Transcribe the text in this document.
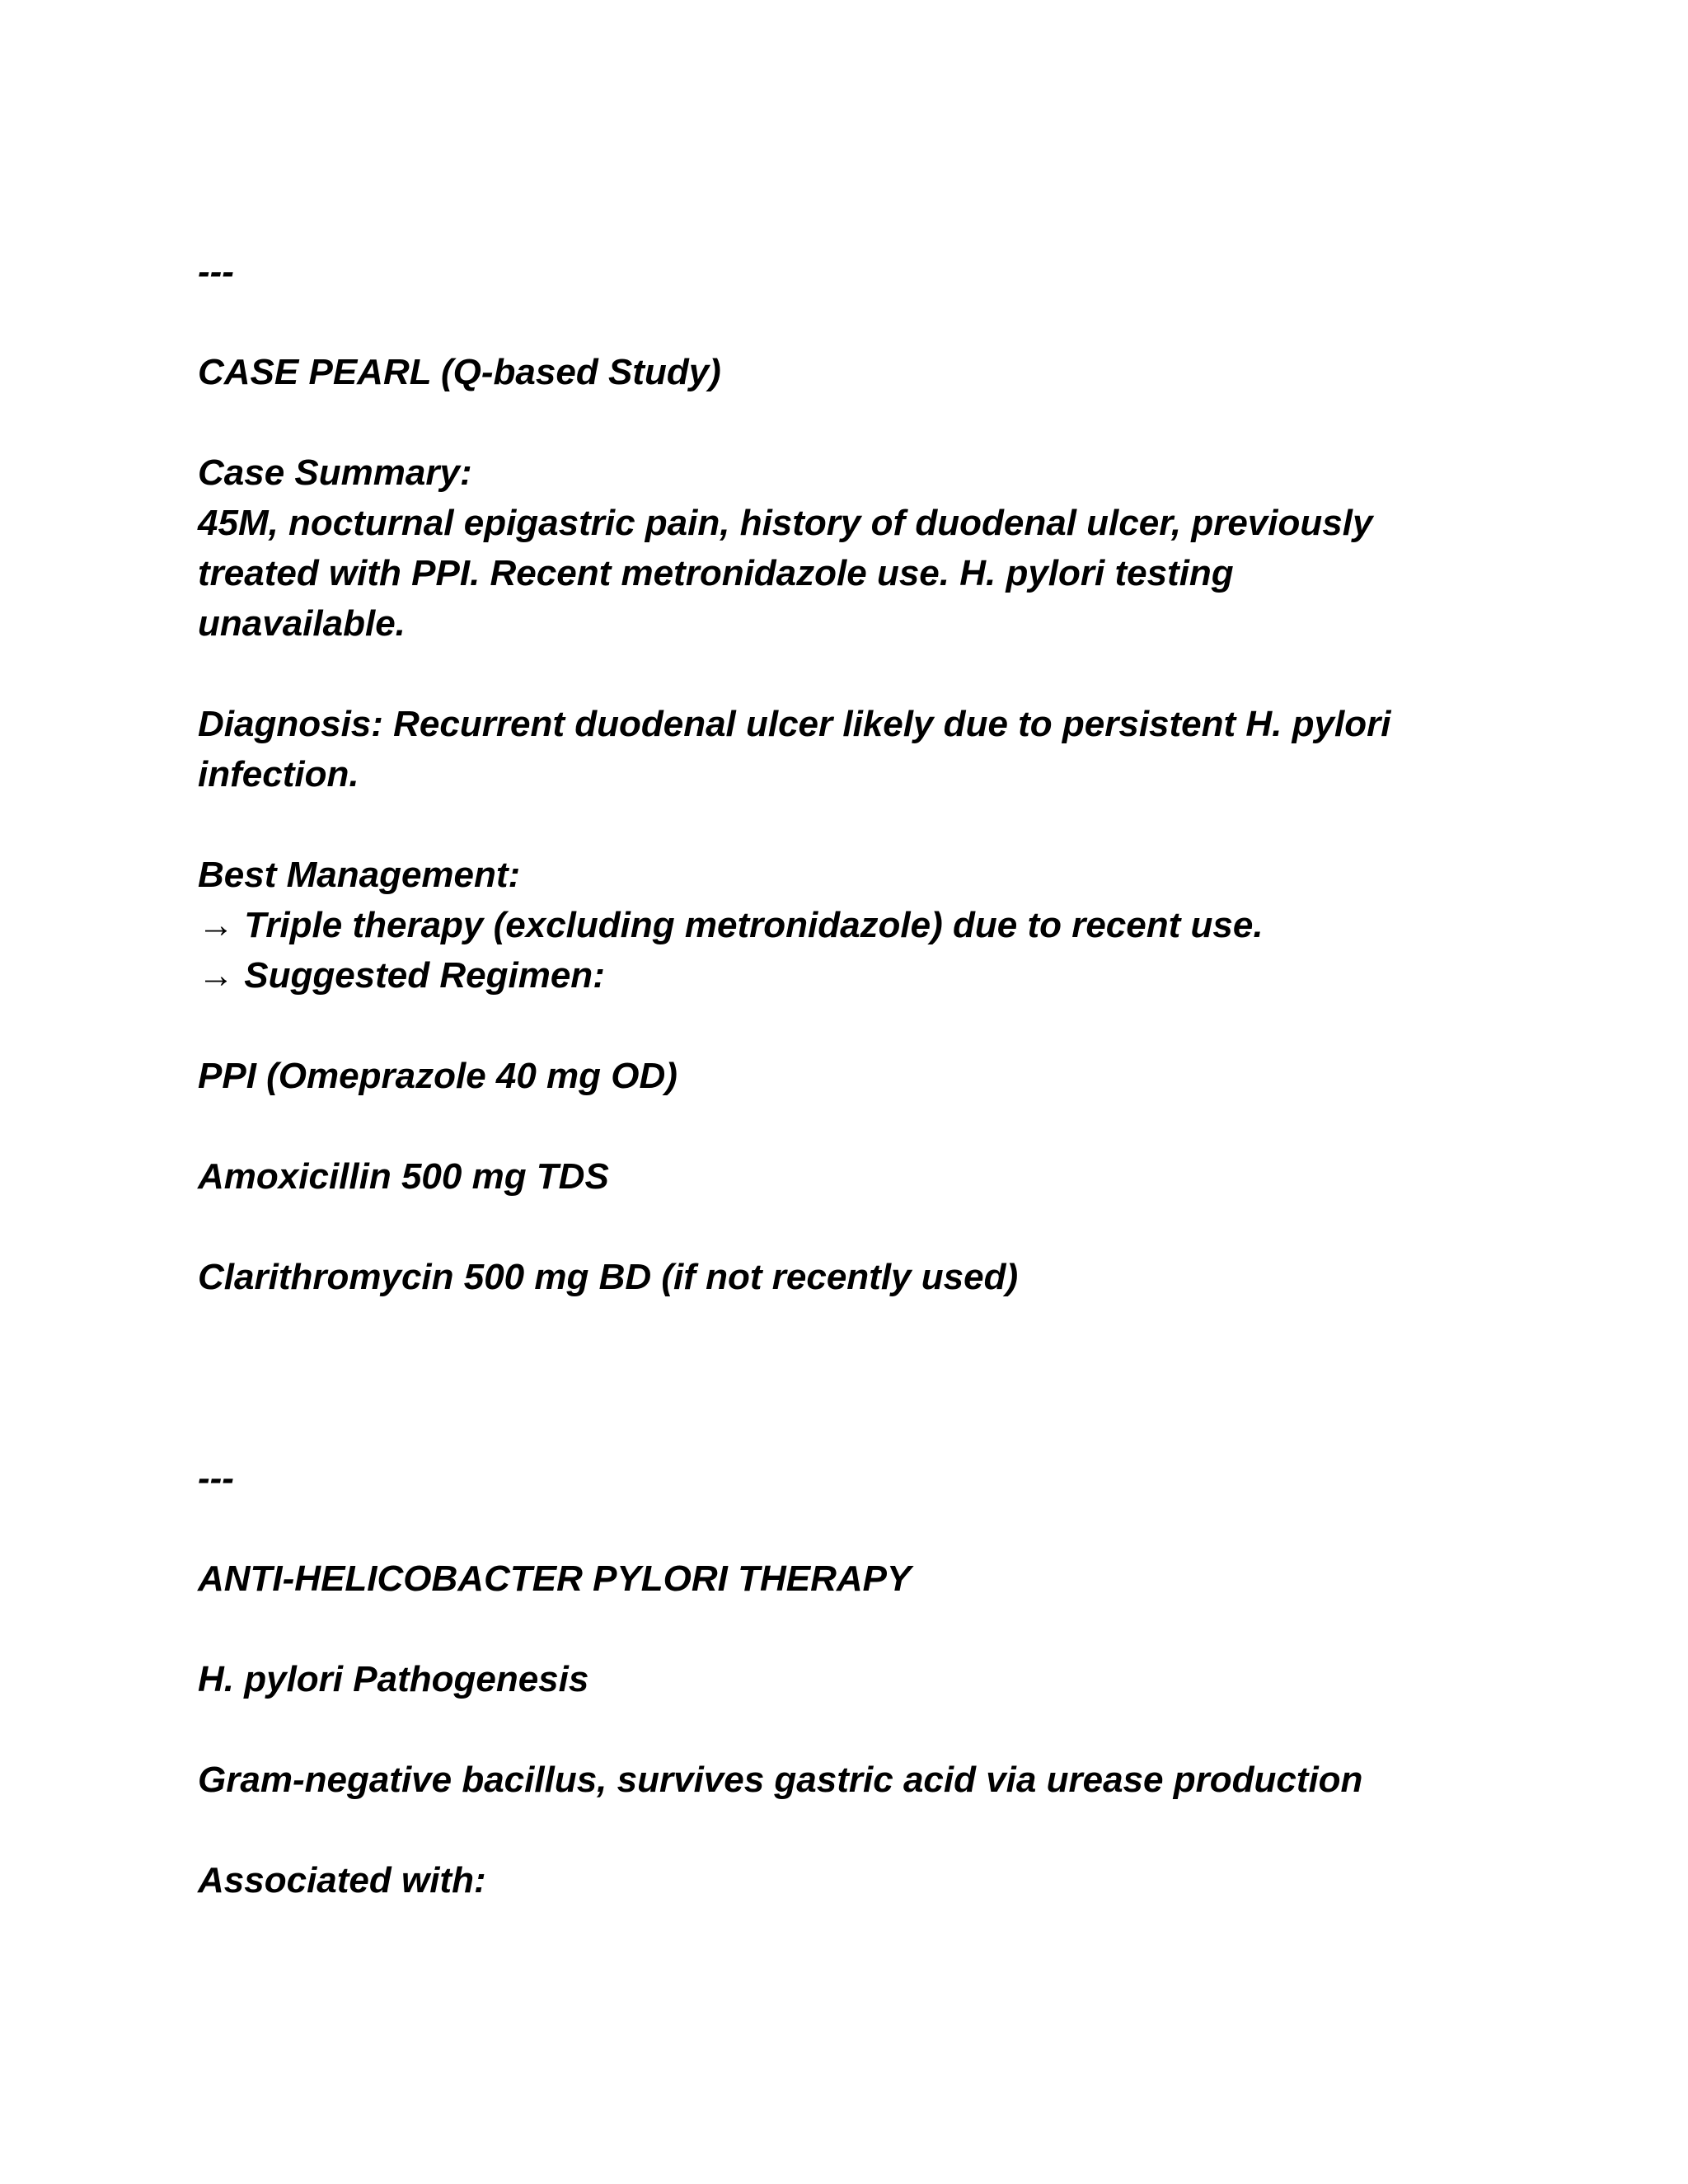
---

CASE PEARL (Q-based Study)

Case Summary:

45M, nocturnal epigastric pain, history of duodenal ulcer, previously

treated with PPI. Recent metronidazole use. H. pylori testing

unavailable.

Diagnosis: Recurrent duodenal ulcer likely due to persistent H. pylori

infection.

Best Management:

→ Triple therapy (excluding metronidazole) due to recent use.

→ Suggested Regimen:

PPI (Omeprazole 40 mg OD)

Amoxicillin 500 mg TDS

Clarithromycin 500 mg BD (if not recently used)

---

ANTI-HELICOBACTER PYLORI THERAPY

H. pylori Pathogenesis

Gram-negative bacillus, survives gastric acid via urease production

Associated with:
